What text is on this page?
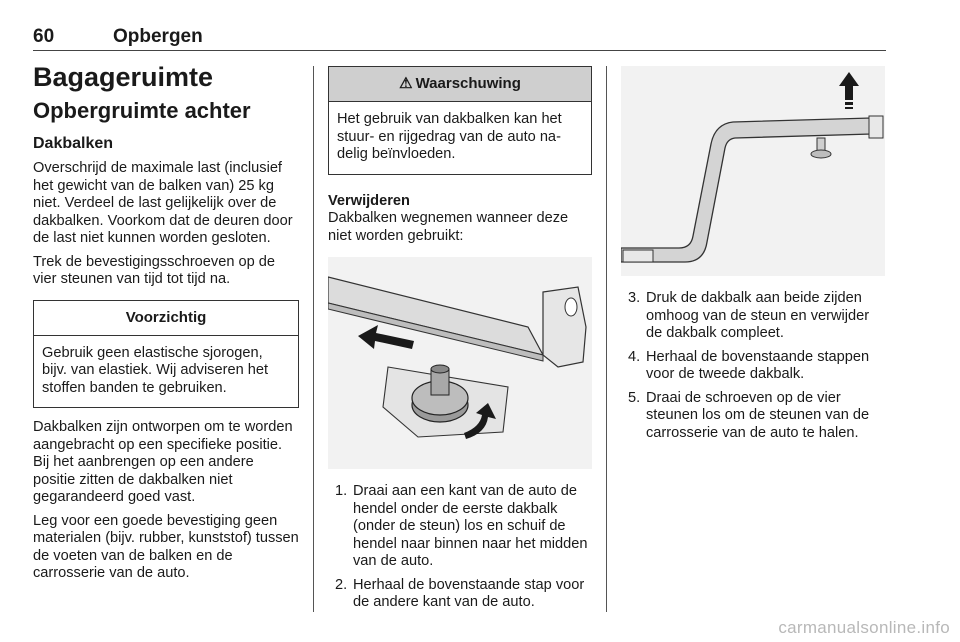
60	Opbergen
Bagageruimte
Opbergruimte achter
Dakbalken

Overschrijd de maximale last (inclusief het gewicht van de balken van) 25 kg niet. Verdeel de last gelijkelijk over de dakbalken. Voorkom dat de deuren door de last niet kunnen worden gesloten.

Trek de bevestigingsschroeven op de vier steunen van tijd tot tijd na.

Voorzichtig
Gebruik geen elastische sjorogen, bijv. van elastiek. Wij adviseren het stoffen banden te gebruiken.

Dakbalken zijn ontworpen om te worden aangebracht op een specifieke positie. Bij het aanbrengen op een andere positie zitten de dakbalken niet gegarandeerd goed vast.

Leg voor een goede bevestiging geen materialen (bijv. rubber, kunststof) tussen de voeten van de balken en de carrosserie van de auto.

⚠ Waarschuwing
Het gebruik van dakbalken kan het stuur- en rijgedrag van de auto nadelig beïnvloeden.
Verwijderen

Dakbalken wegnemen wanneer deze niet worden gebruikt:

1. Draai aan een kant van de auto de hendel onder de eerste dakbalk (onder de steun) los en schuif de hendel naar binnen naar het midden van de auto.
2. Herhaal de bovenstaande stap voor de andere kant van de auto.
3. Druk de dakbalk aan beide zijden omhoog van de steun en verwijder de dakbalk compleet.
4. Herhaal de bovenstaande stappen voor de tweede dakbalk.
5. Draai de schroeven op de vier steunen los om de steunen van de carrosserie van de auto te halen.
carmanualsonline.info
